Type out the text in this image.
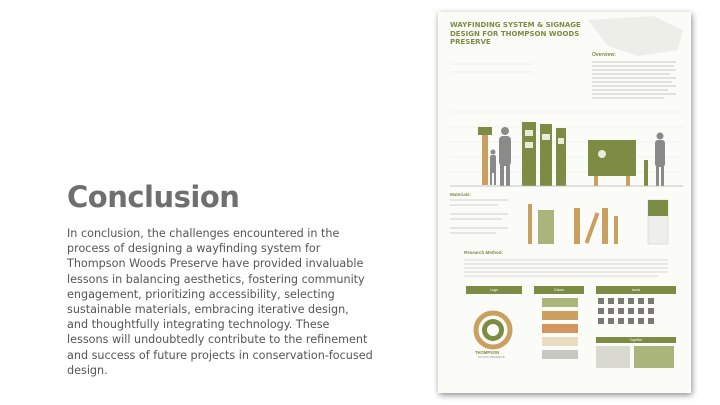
Conclusion

In conclusion, the challenges encountered in the process of designing a wayfinding system for Thompson Woods Preserve have provided invaluable lessons in balancing aesthetics, fostering community engagement, prioritizing accessibility, selecting sustainable materials, embracing iterative design, and thoughtfully integrating technology. These lessons will undoubtedly contribute to the refinement and success of future projects in conservation-focused design.

WAYFINDING SYSTEM & SIGNAGE DESIGN FOR THOMPSON WOODS PRESERVE
Overview:
Materials:
Research Method:
Logo	Colors	Icons
THOMPSON
WOODS PRESERVE
Together
